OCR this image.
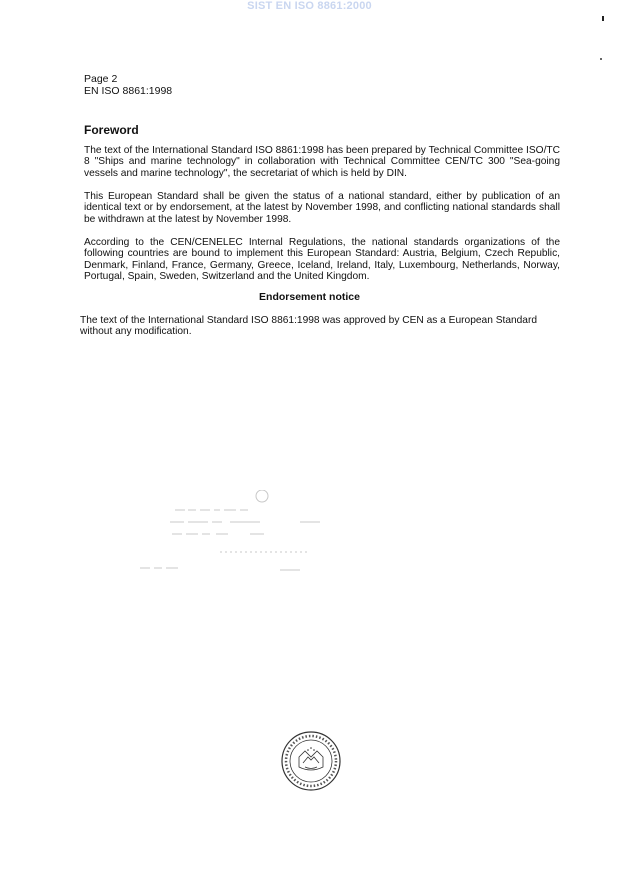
SIST EN ISO 8861:2000
Page 2
EN ISO 8861:1998
Foreword
The text of the International Standard ISO 8861:1998 has been prepared by Technical Committee ISO/TC 8 "Ships and marine technology" in collaboration with Technical Committee CEN/TC 300 "Sea-going vessels and marine technology", the secretariat of which is held by DIN.
This European Standard shall be given the status of a national standard, either by publication of an identical text or by endorsement, at the latest by November 1998, and conflicting national standards shall be withdrawn at the latest by November 1998.
According to the CEN/CENELEC Internal Regulations, the national standards organizations of the following countries are bound to implement this European Standard: Austria, Belgium, Czech Republic, Denmark, Finland, France, Germany, Greece, Iceland, Ireland, Italy, Luxembourg, Netherlands, Norway, Portugal, Spain, Sweden, Switzerland and the United Kingdom.
Endorsement notice
The text of the International Standard ISO 8861:1998 was approved by CEN as a European Standard without any modification.
